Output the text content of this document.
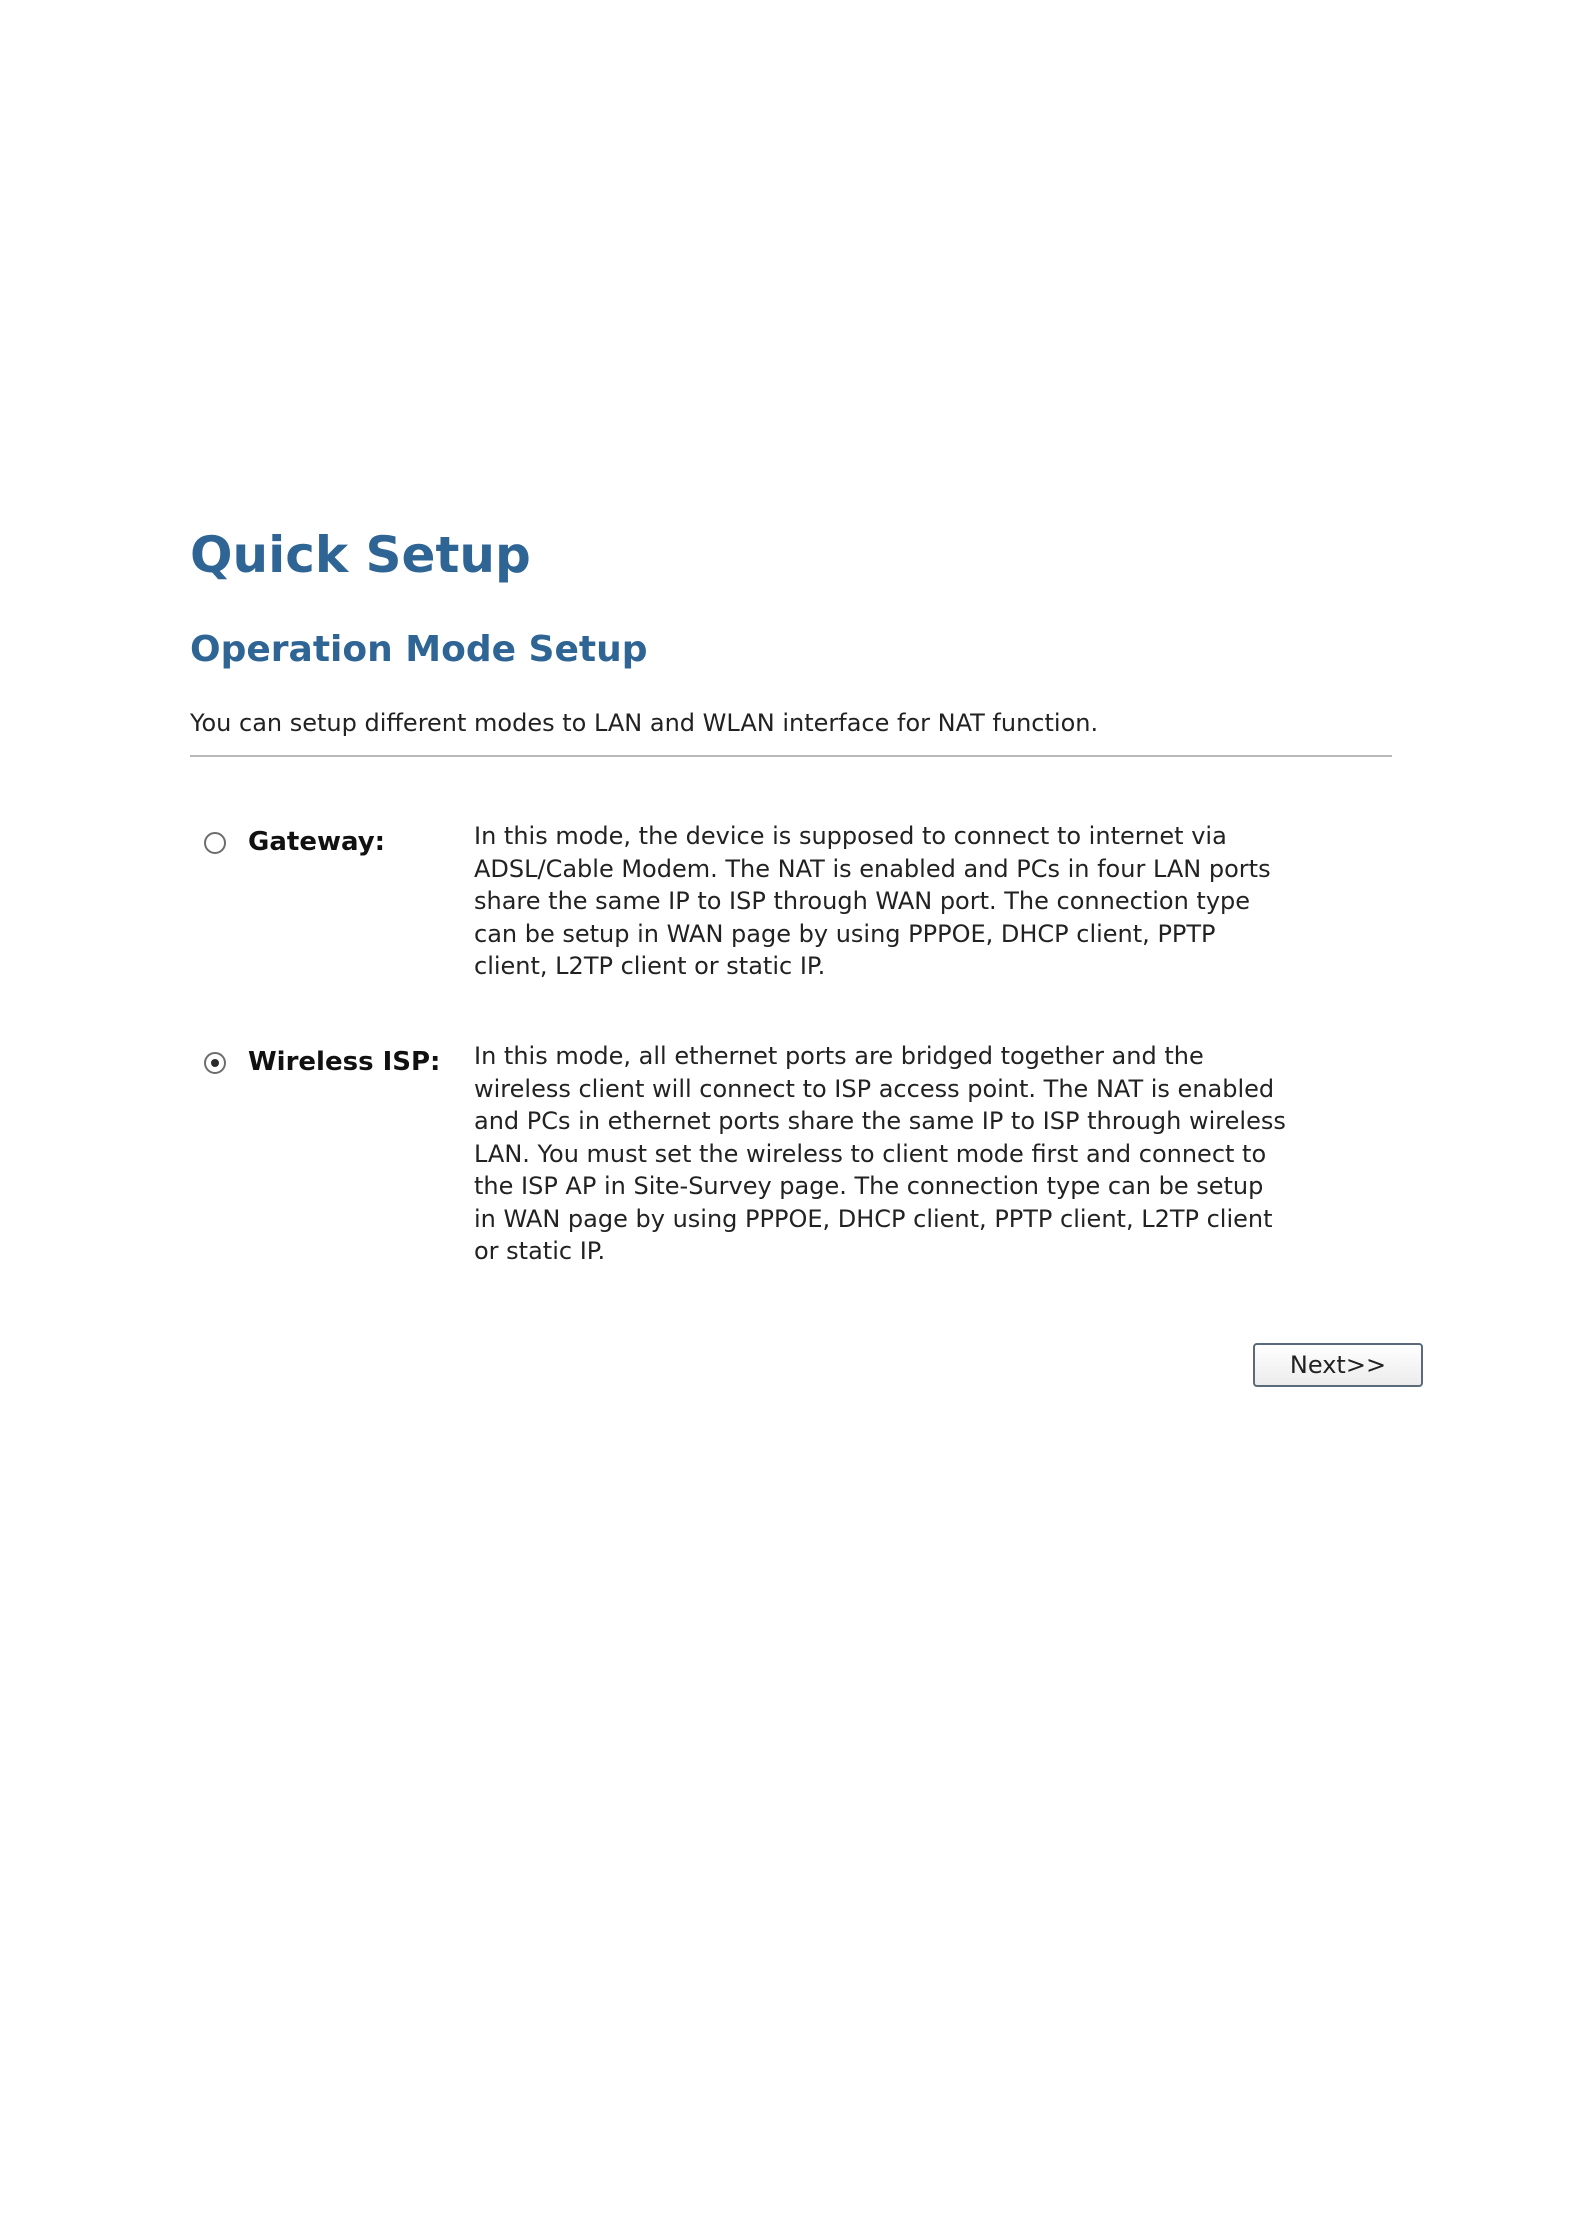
Quick Setup
Operation Mode Setup

You can setup different modes to LAN and WLAN interface for NAT function.

Gateway:	In this mode, the device is supposed to connect to internet via
ADSL/Cable Modem. The NAT is enabled and PCs in four LAN ports
share the same IP to ISP through WAN port. The connection type
can be setup in WAN page by using PPPOE, DHCP client, PPTP
client, L2TP client or static IP.

Wireless ISP: In this mode, all ethernet ports are bridged together and the
wireless client will connect to ISP access point. The NAT is enabled
and PCs in ethernet ports share the same IP to ISP through wireless
LAN. You must set the wireless to client mode first and connect to
the ISP AP in Site-Survey page. The connection type can be setup
in WAN page by using PPPOE, DHCP client, PPTP client, L2TP client
or static IP.

Next>>
